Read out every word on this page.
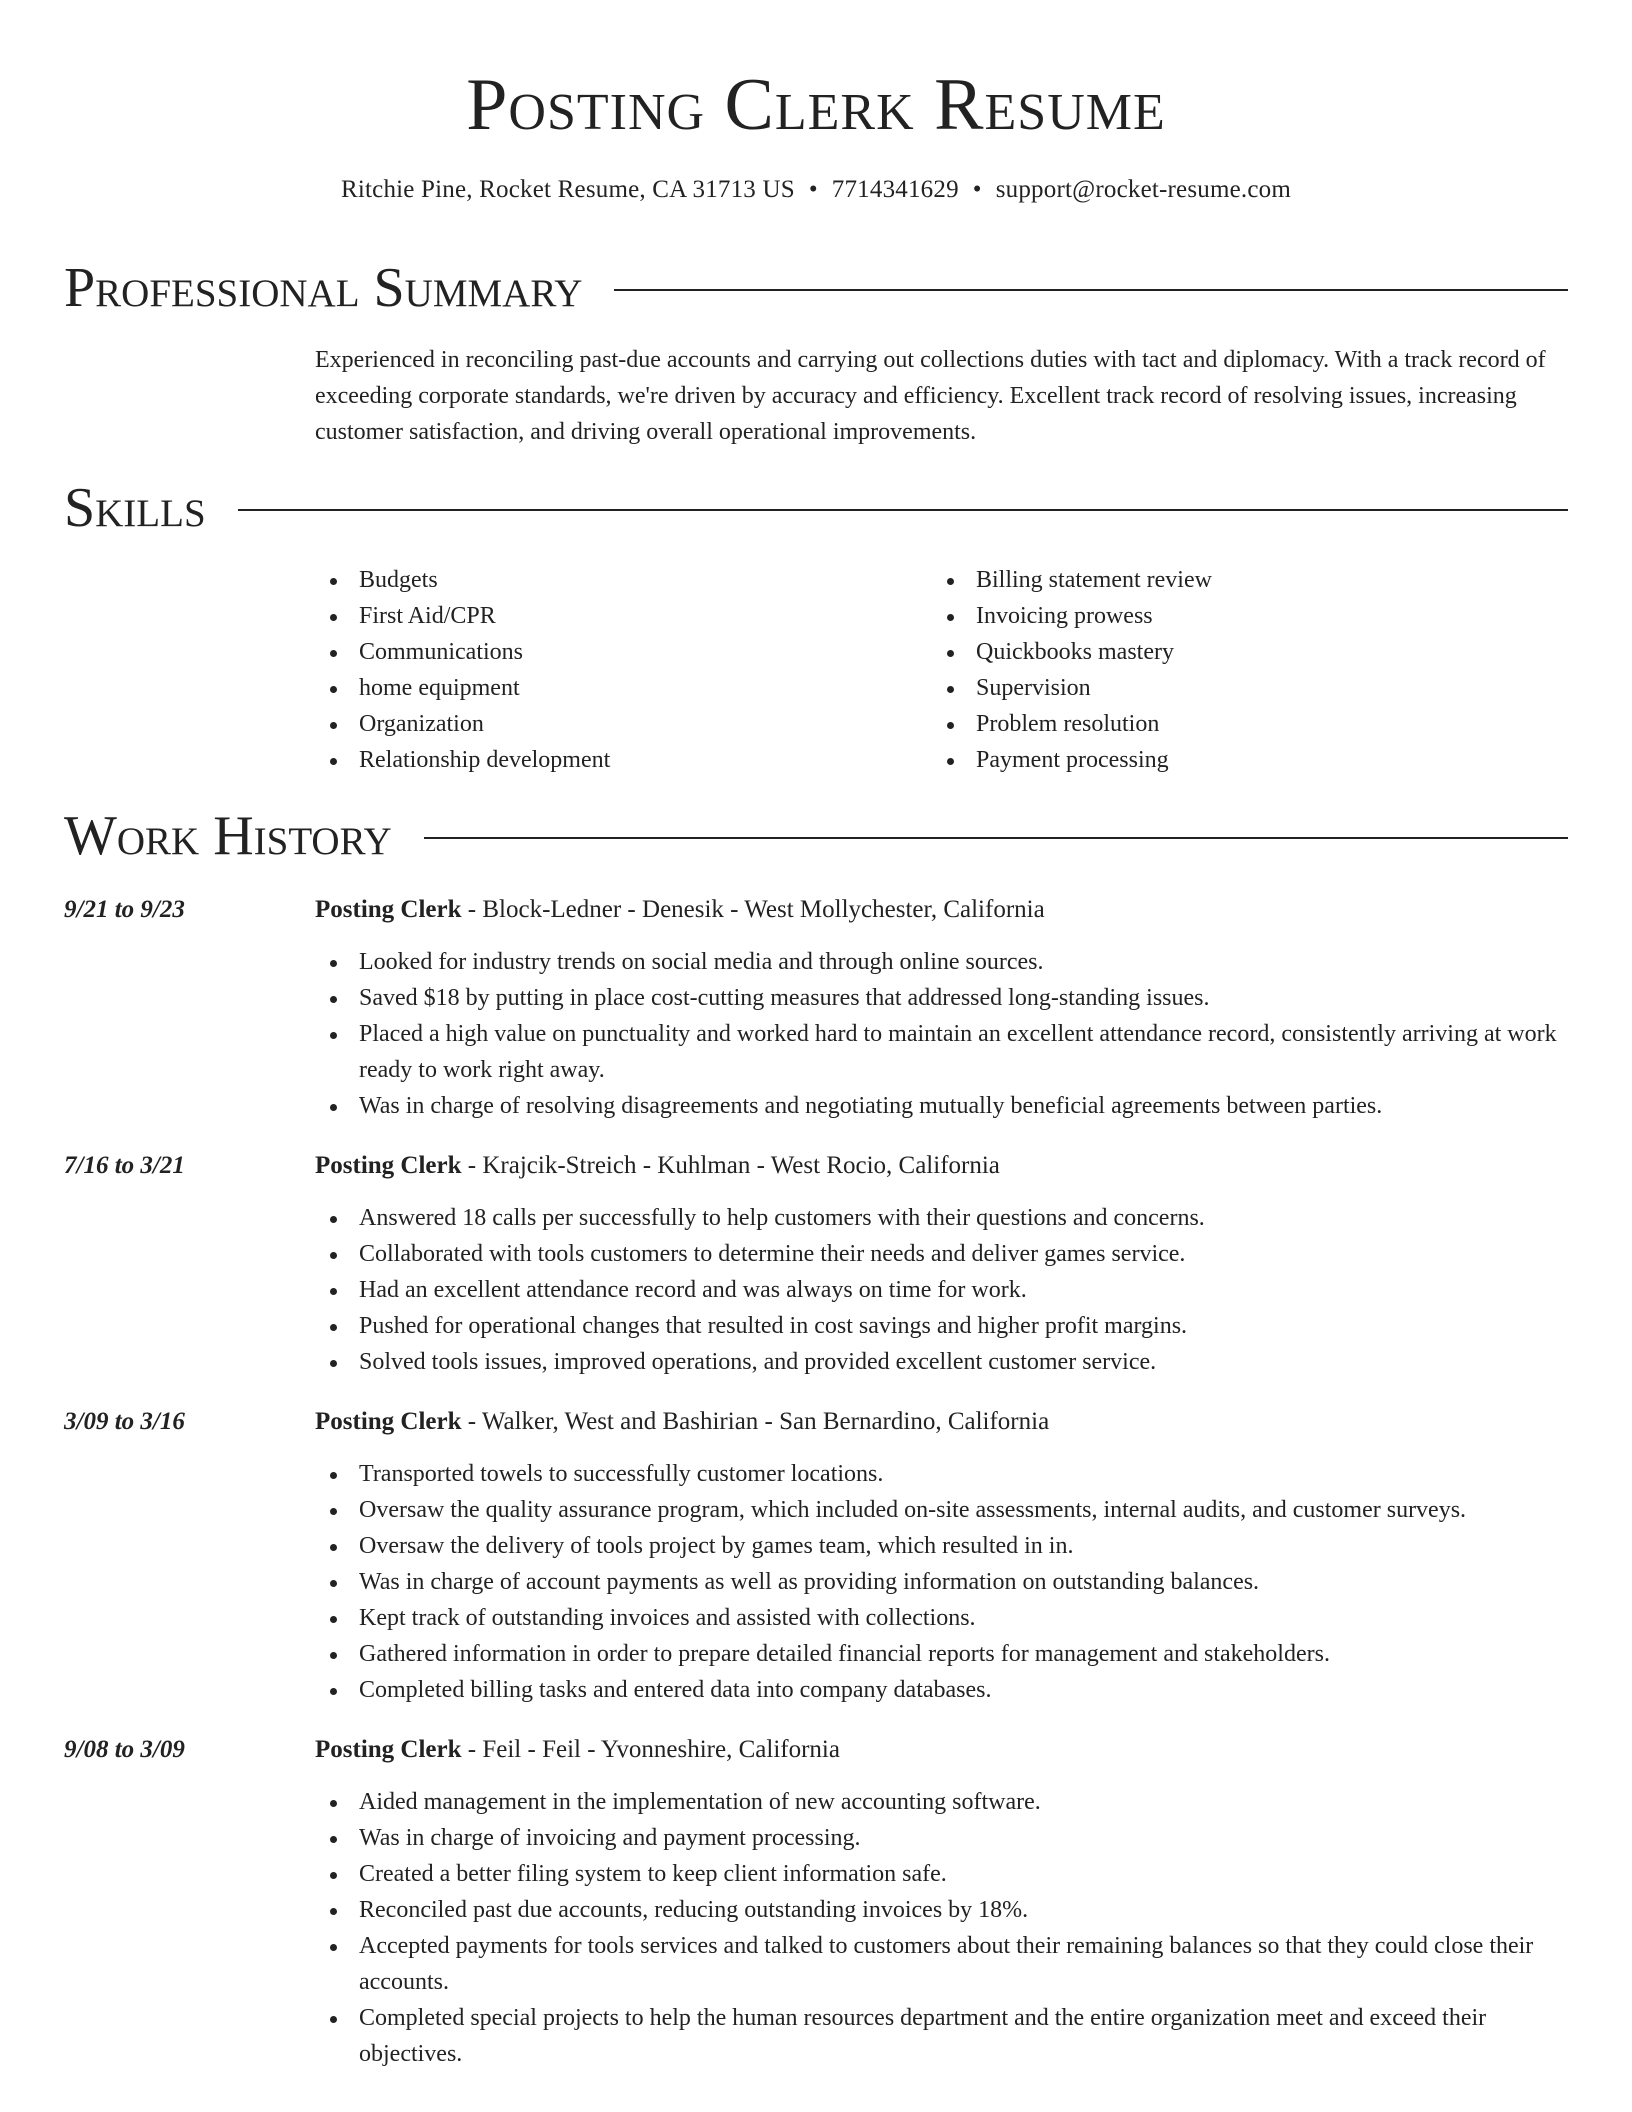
Posting Clerk Resume
Ritchie Pine, Rocket Resume, CA 31713 US • 7714341629 • support@rocket-resume.com
Professional Summary

Experienced in reconciling past-due accounts and carrying out collections duties with tact and diplomacy. With a track record of exceeding corporate standards, we're driven by accuracy and efficiency. Excellent track record of resolving issues, increasing customer satisfaction, and driving overall operational improvements.

Skills
Budgets
First Aid/CPR
Communications
home equipment
Organization
Relationship development
Billing statement review
Invoicing prowess
Quickbooks mastery
Supervision
Problem resolution
Payment processing
Work History
9/21 to 9/23	Posting Clerk - Block-Ledner - Denesik - West Mollychester, California
Looked for industry trends on social media and through online sources.
Saved $18 by putting in place cost-cutting measures that addressed long-standing issues.
Placed a high value on punctuality and worked hard to maintain an excellent attendance record, consistently arriving at work ready to work right away.
Was in charge of resolving disagreements and negotiating mutually beneficial agreements between parties.
7/16 to 3/21	Posting Clerk - Krajcik-Streich - Kuhlman - West Rocio, California
Answered 18 calls per successfully to help customers with their questions and concerns.
Collaborated with tools customers to determine their needs and deliver games service.
Had an excellent attendance record and was always on time for work.
Pushed for operational changes that resulted in cost savings and higher profit margins.
Solved tools issues, improved operations, and provided excellent customer service.
3/09 to 3/16	Posting Clerk - Walker, West and Bashirian - San Bernardino, California
Transported towels to successfully customer locations.
Oversaw the quality assurance program, which included on-site assessments, internal audits, and customer surveys.
Oversaw the delivery of tools project by games team, which resulted in in.
Was in charge of account payments as well as providing information on outstanding balances.
Kept track of outstanding invoices and assisted with collections.
Gathered information in order to prepare detailed financial reports for management and stakeholders.
Completed billing tasks and entered data into company databases.
9/08 to 3/09	Posting Clerk - Feil - Feil - Yvonneshire, California
Aided management in the implementation of new accounting software.
Was in charge of invoicing and payment processing.
Created a better filing system to keep client information safe.
Reconciled past due accounts, reducing outstanding invoices by 18%.
Accepted payments for tools services and talked to customers about their remaining balances so that they could close their accounts.
Completed special projects to help the human resources department and the entire organization meet and exceed their objectives.
